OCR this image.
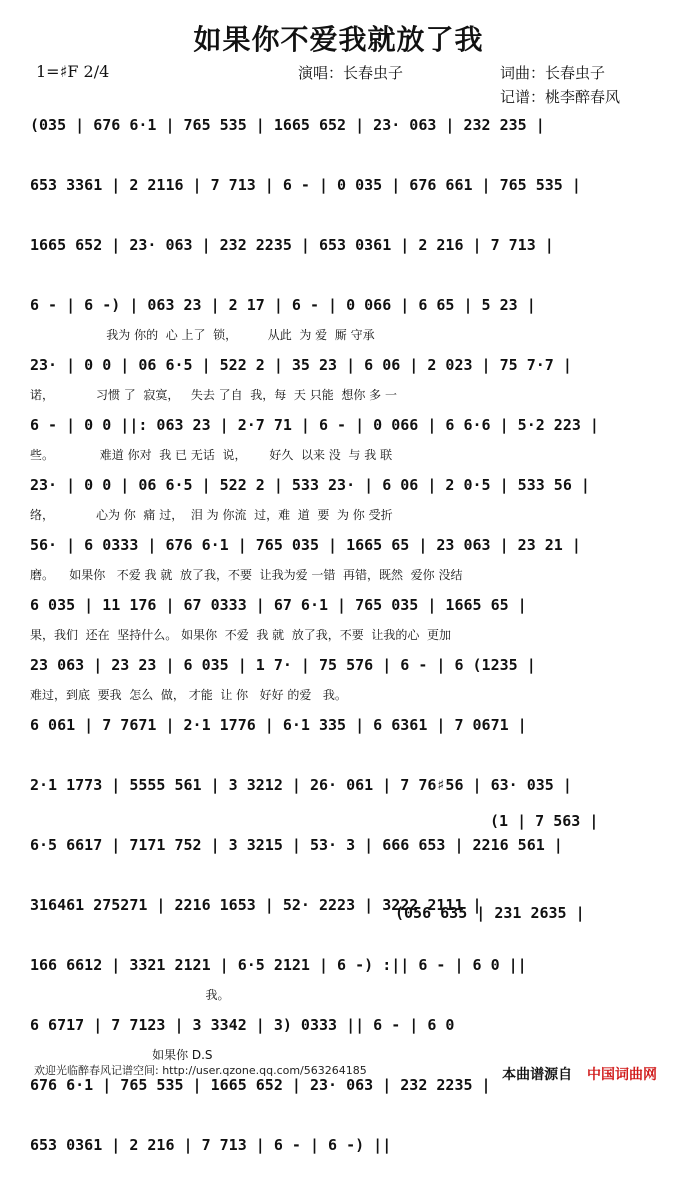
如果你不爱我就放了我
1=♯F 2/4	演唱：长春虫子	词曲：长春虫子
记谱：桃李醉春风
(035 | 676 6·1 | 765 535 | 1665 652 | 23· 063 | 232 235 |
653 3361 | 2 2116 | 7 713 | 6 - | 0 035 | 676 661 | 765 535 |
1665 652 | 23· 063 | 232 2235 | 653 0361 | 2 216 | 7 713 |
6 - | 6 -) | 063 23 | 2 17 | 6 - | 0 066 | 6 65 | 5 23 |
我为 你的  心 上了  锁，        从此  为 爱  厮 守承
23· | 0 0 | 06 6·5 | 522 2 | 35 23 | 6 06 | 2 023 | 75 7·7 |
诺，           习惯 了  寂寞，   失去 了自  我，每  天 只能  想你 多 一
6 - | 0 0 ||: 063 23 | 2·7 71 | 6 - | 0 066 | 6 6·6 | 5·2 223 |
些。            难道 你对  我 已 无话  说，      好久  以来 没  与 我 联
23· | 0 0 | 06 6·5 | 522 2 | 533 23· | 6 06 | 2 0·5 | 533 56 |
络，           心为 你  痛 过，  泪 为 你流  过，难  道  要  为 你 受折
56· | 6 0333 | 676 6·1 | 765 035 | 1665 65 | 23 063 | 23 21 |
磨。    如果你   不爱 我 就  放了我，不要  让我为爱 一错  再错，既然  爱你 没结
6 035 | 11 176 | 67 0333 | 67 6·1 | 765 035 | 1665 65 |
果，我们  还在  坚持什么。 如果你  不爱  我 就  放了我，不要  让我的心  更加
23 063 | 23 23 | 6 035 | 1 7· | 75 576 | 6 - | 6 (1235 |
难过，到底  要我  怎么  做， 才能  让 你   好好 的爱   我。
6 061 | 7 7671 | 2·1 1776 | 6·1 335 | 6 6361 | 7 0671 |
2·1 1773 | 5555 561 | 3 3212 | 26· 061 | 7 76♯56 | 63· 035 |
6·5 6617 | 7171 752 | 3 3215 | 53· 3 | 666 653 | 2216 561 |
316461 275271 | 2216 1653 | 52· 2223 | 3222 2111 |
166 6612 | 3321 2121 | 6·5 2121 | 6 -) :|| 6 - | 6 0 ||
我。
6 6717 | 7 7123 | 3 3342 | 3) 0333 || 6 - | 6 0
如果你 D.S
676 6·1 | 765 535 | 1665 652 | 23· 063 | 232 2235 |
653 0361 | 2 216 | 7 713 | 6 - | 6 -) ||
欢迎光临醉春风记谱空间: http://user.qzone.qq.com/563264185	本曲谱源自 中国词曲网
(1 | 7 563 |
(056 635 | 231 2635 |
